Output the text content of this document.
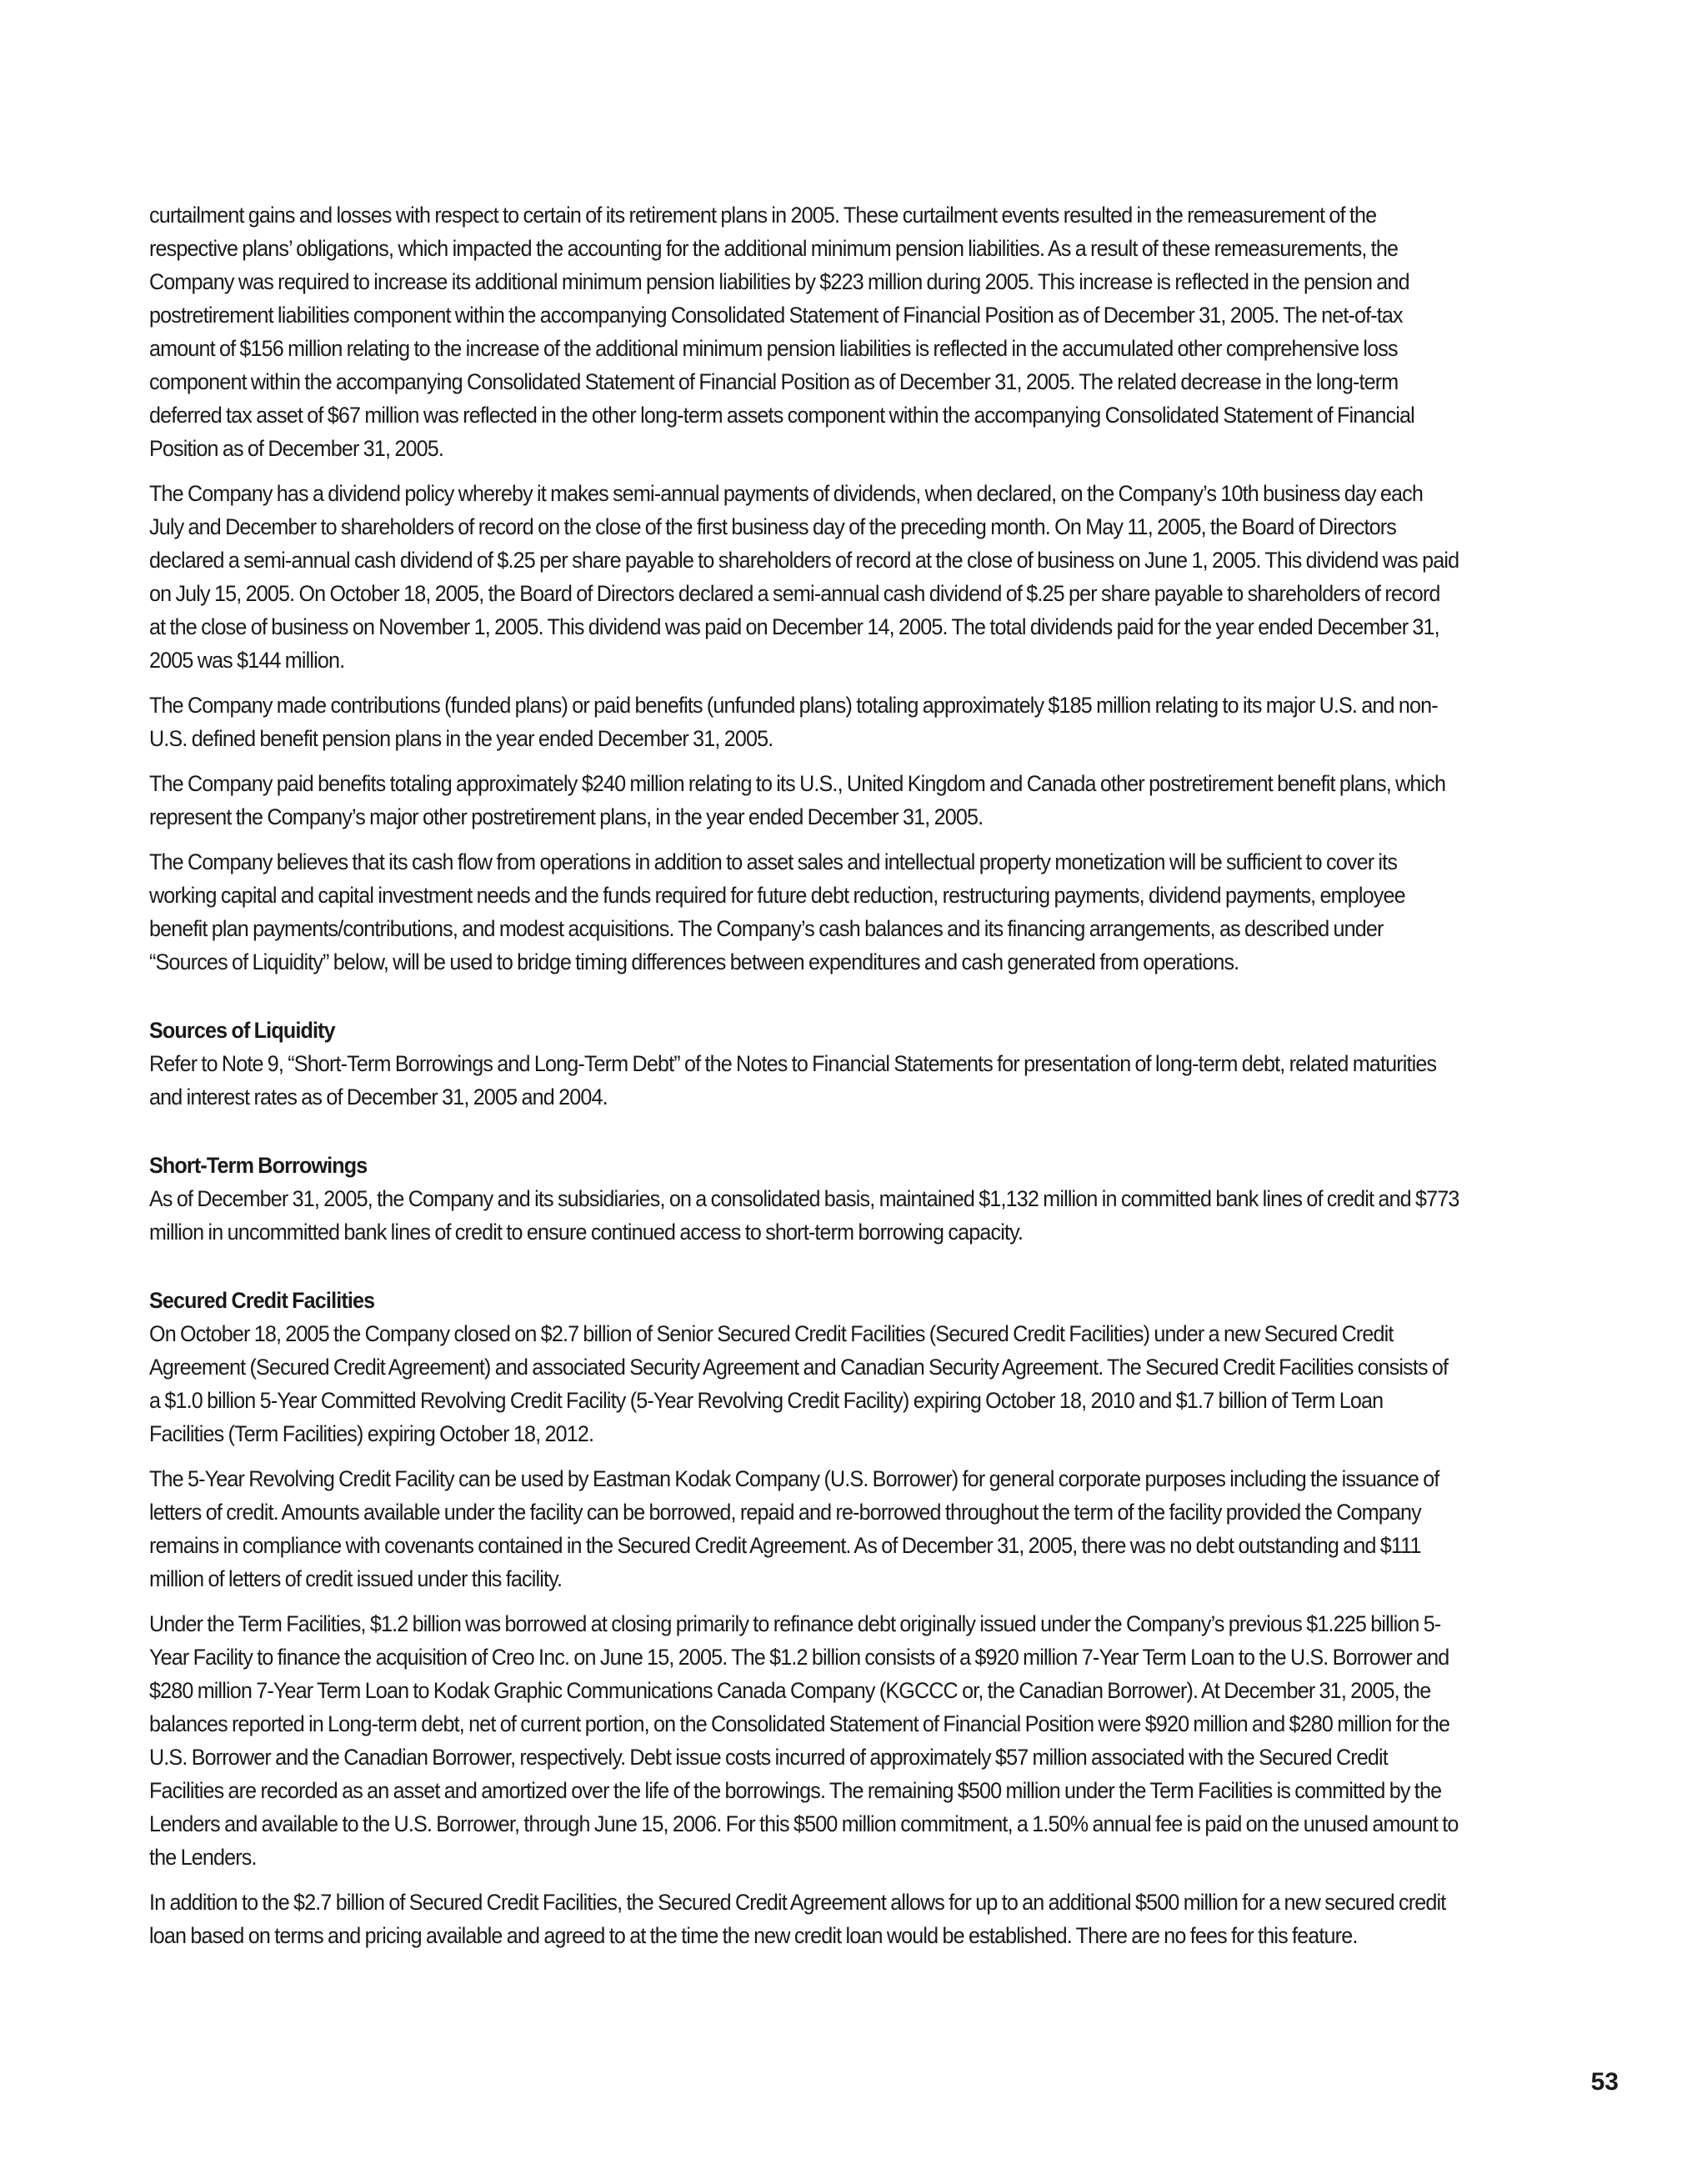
curtailment gains and losses with respect to certain of its retirement plans in 2005. These curtailment events resulted in the remeasurement of the respective plans’ obligations, which impacted the accounting for the additional minimum pension liabilities. As a result of these remeasurements, the Company was required to increase its additional minimum pension liabilities by $223 million during 2005. This increase is reflected in the pension and postretirement liabilities component within the accompanying Consolidated Statement of Financial Position as of December 31, 2005. The net-of-tax amount of $156 million relating to the increase of the additional minimum pension liabilities is reflected in the accumulated other comprehensive loss component within the accompanying Consolidated Statement of Financial Position as of December 31, 2005. The related decrease in the long-term deferred tax asset of $67 million was reflected in the other long-term assets component within the accompanying Consolidated Statement of Financial Position as of December 31, 2005.

The Company has a dividend policy whereby it makes semi-annual payments of dividends, when declared, on the Company’s 10th business day each July and December to shareholders of record on the close of the first business day of the preceding month. On May 11, 2005, the Board of Directors declared a semi-annual cash dividend of $.25 per share payable to shareholders of record at the close of business on June 1, 2005. This dividend was paid on July 15, 2005. On October 18, 2005, the Board of Directors declared a semi-annual cash dividend of $.25 per share payable to shareholders of record at the close of business on November 1, 2005. This dividend was paid on December 14, 2005. The total dividends paid for the year ended December 31, 2005 was $144 million.

The Company made contributions (funded plans) or paid benefits (unfunded plans) totaling approximately $185 million relating to its major U.S. and non-U.S. defined benefit pension plans in the year ended December 31, 2005.

The Company paid benefits totaling approximately $240 million relating to its U.S., United Kingdom and Canada other postretirement benefit plans, which represent the Company’s major other postretirement plans, in the year ended December 31, 2005.

The Company believes that its cash flow from operations in addition to asset sales and intellectual property monetization will be sufficient to cover its working capital and capital investment needs and the funds required for future debt reduction, restructuring payments, dividend payments, employee benefit plan payments/contributions, and modest acquisitions. The Company’s cash balances and its financing arrangements, as described under “Sources of Liquidity” below, will be used to bridge timing differences between expenditures and cash generated from operations.

Sources of Liquidity

Refer to Note 9, “Short-Term Borrowings and Long-Term Debt” of the Notes to Financial Statements for presentation of long-term debt, related maturities and interest rates as of December 31, 2005 and 2004.

Short-Term Borrowings

As of December 31, 2005, the Company and its subsidiaries, on a consolidated basis, maintained $1,132 million in committed bank lines of credit and $773 million in uncommitted bank lines of credit to ensure continued access to short-term borrowing capacity.

Secured Credit Facilities

On October 18, 2005 the Company closed on $2.7 billion of Senior Secured Credit Facilities (Secured Credit Facilities) under a new Secured Credit Agreement (Secured Credit Agreement) and associated Security Agreement and Canadian Security Agreement. The Secured Credit Facilities consists of a $1.0 billion 5-Year Committed Revolving Credit Facility (5-Year Revolving Credit Facility) expiring October 18, 2010 and $1.7 billion of Term Loan Facilities (Term Facilities) expiring October 18, 2012.

The 5-Year Revolving Credit Facility can be used by Eastman Kodak Company (U.S. Borrower) for general corporate purposes including the issuance of letters of credit. Amounts available under the facility can be borrowed, repaid and re-borrowed throughout the term of the facility provided the Company remains in compliance with covenants contained in the Secured Credit Agreement. As of December 31, 2005, there was no debt outstanding and $111 million of letters of credit issued under this facility.

Under the Term Facilities, $1.2 billion was borrowed at closing primarily to refinance debt originally issued under the Company’s previous $1.225 billion 5-Year Facility to finance the acquisition of Creo Inc. on June 15, 2005. The $1.2 billion consists of a $920 million 7-Year Term Loan to the U.S. Borrower and $280 million 7-Year Term Loan to Kodak Graphic Communications Canada Company (KGCCC or, the Canadian Borrower). At December 31, 2005, the balances reported in Long-term debt, net of current portion, on the Consolidated Statement of Financial Position were $920 million and $280 million for the U.S. Borrower and the Canadian Borrower, respectively. Debt issue costs incurred of approximately $57 million associated with the Secured Credit Facilities are recorded as an asset and amortized over the life of the borrowings. The remaining $500 million under the Term Facilities is committed by the Lenders and available to the U.S. Borrower, through June 15, 2006. For this $500 million commitment, a 1.50% annual fee is paid on the unused amount to the Lenders.

In addition to the $2.7 billion of Secured Credit Facilities, the Secured Credit Agreement allows for up to an additional $500 million for a new secured credit loan based on terms and pricing available and agreed to at the time the new credit loan would be established. There are no fees for this feature.

53
